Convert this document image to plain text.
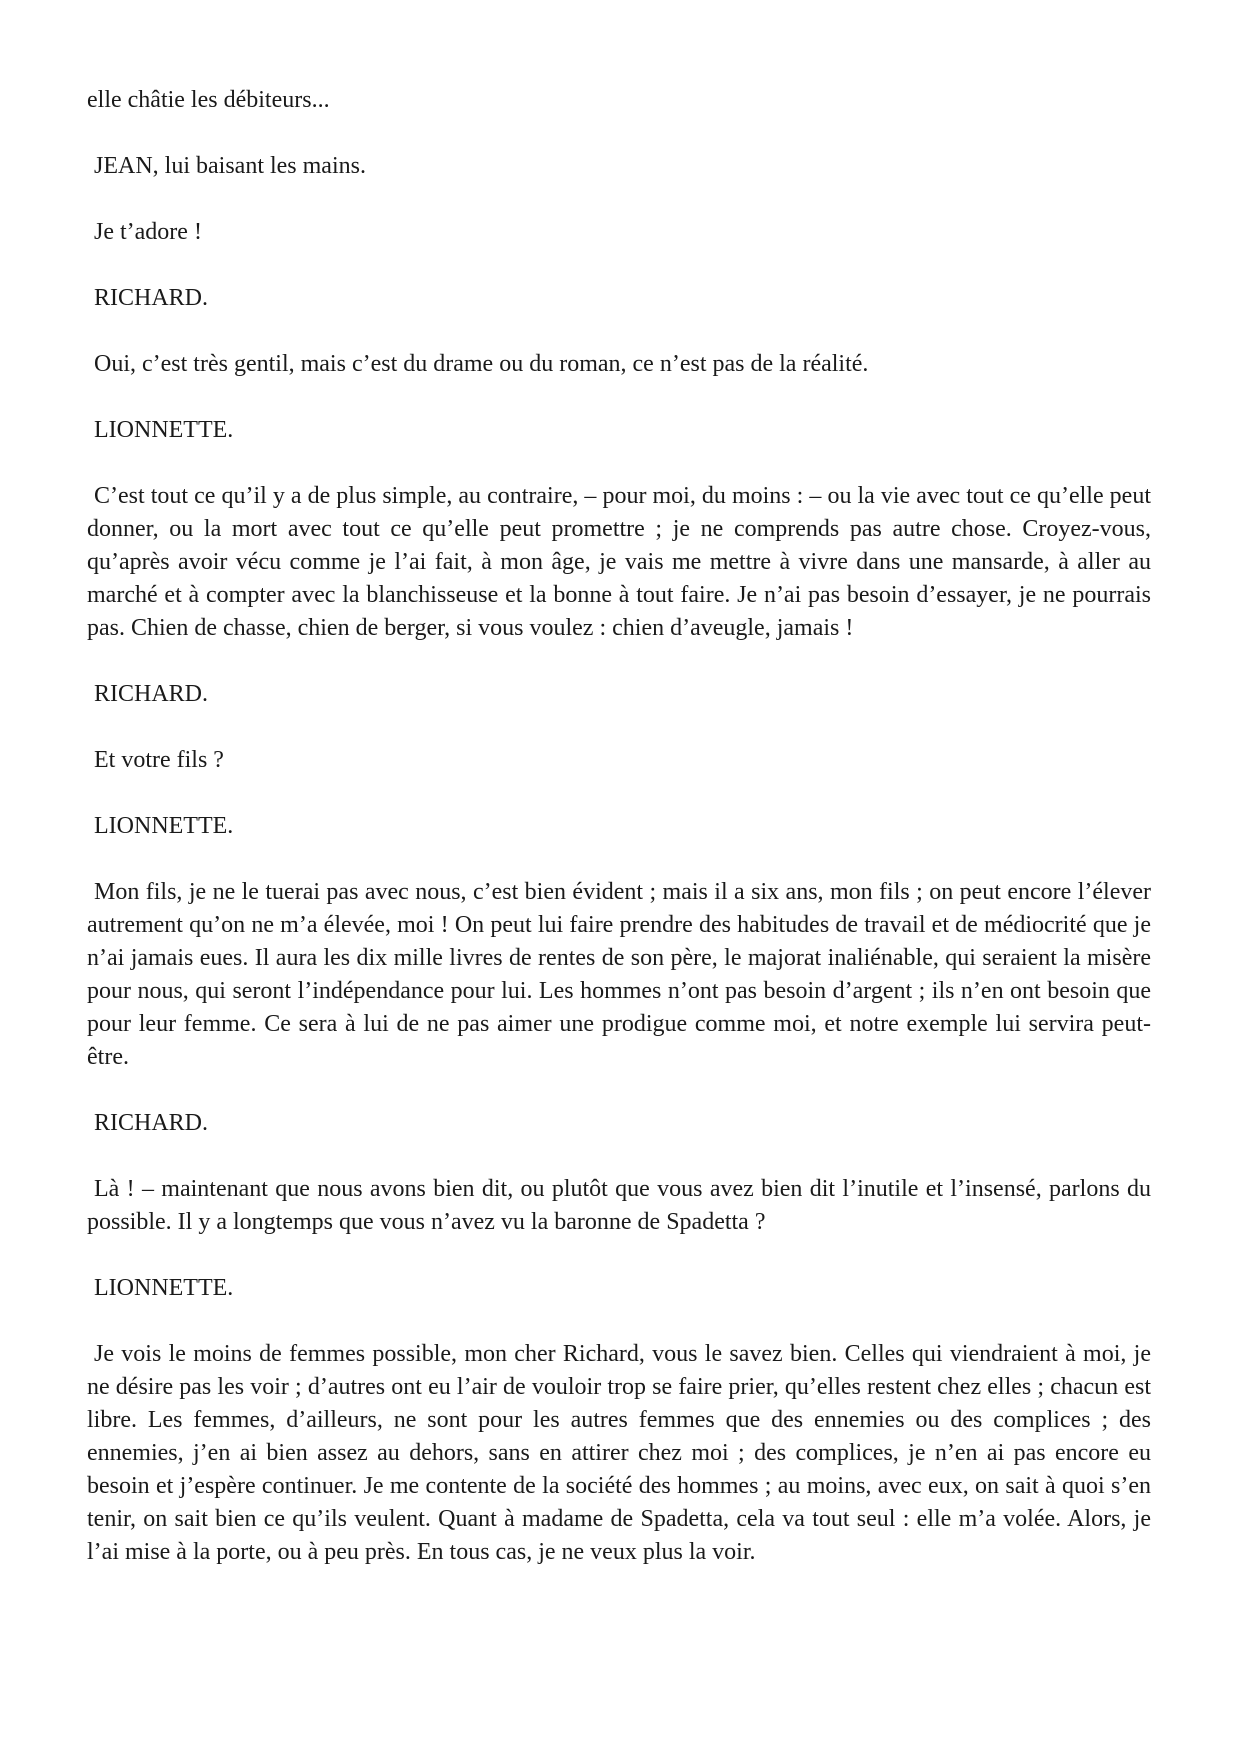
elle châtie les débiteurs...

JEAN, lui baisant les mains.

Je t’adore !

RICHARD.

Oui, c’est très gentil, mais c’est du drame ou du roman, ce n’est pas de la réalité.

LIONNETTE.

C’est tout ce qu’il y a de plus simple, au contraire, – pour moi, du moins : – ou la vie avec tout ce qu’elle peut donner, ou la mort avec tout ce qu’elle peut promettre ; je ne comprends pas autre chose. Croyez-vous, qu’après avoir vécu comme je l’ai fait, à mon âge, je vais me mettre à vivre dans une mansarde, à aller au marché et à compter avec la blanchisseuse et la bonne à tout faire. Je n’ai pas besoin d’essayer, je ne pourrais pas. Chien de chasse, chien de berger, si vous voulez : chien d’aveugle, jamais !

RICHARD.

Et votre fils ?

LIONNETTE.

Mon fils, je ne le tuerai pas avec nous, c’est bien évident ; mais il a six ans, mon fils ; on peut encore l’élever autrement qu’on ne m’a élevée, moi ! On peut lui faire prendre des habitudes de travail et de médiocrité que je n’ai jamais eues. Il aura les dix mille livres de rentes de son père, le majorat inaliénable, qui seraient la misère pour nous, qui seront l’indépendance pour lui. Les hommes n’ont pas besoin d’argent ; ils n’en ont besoin que pour leur femme. Ce sera à lui de ne pas aimer une prodigue comme moi, et notre exemple lui servira peut-être.

RICHARD.

Là ! – maintenant que nous avons bien dit, ou plutôt que vous avez bien dit l’inutile et l’insensé, parlons du possible. Il y a longtemps que vous n’avez vu la baronne de Spadetta ?

LIONNETTE.

Je vois le moins de femmes possible, mon cher Richard, vous le savez bien. Celles qui viendraient à moi, je ne désire pas les voir ; d’autres ont eu l’air de vouloir trop se faire prier, qu’elles restent chez elles ; chacun est libre. Les femmes, d’ailleurs, ne sont pour les autres femmes que des ennemies ou des complices ; des ennemies, j’en ai bien assez au dehors, sans en attirer chez moi ; des complices, je n’en ai pas encore eu besoin et j’espère continuer. Je me contente de la société des hommes ; au moins, avec eux, on sait à quoi s’en tenir, on sait bien ce qu’ils veulent. Quant à madame de Spadetta, cela va tout seul : elle m’a volée. Alors, je l’ai mise à la porte, ou à peu près. En tous cas, je ne veux plus la voir.
